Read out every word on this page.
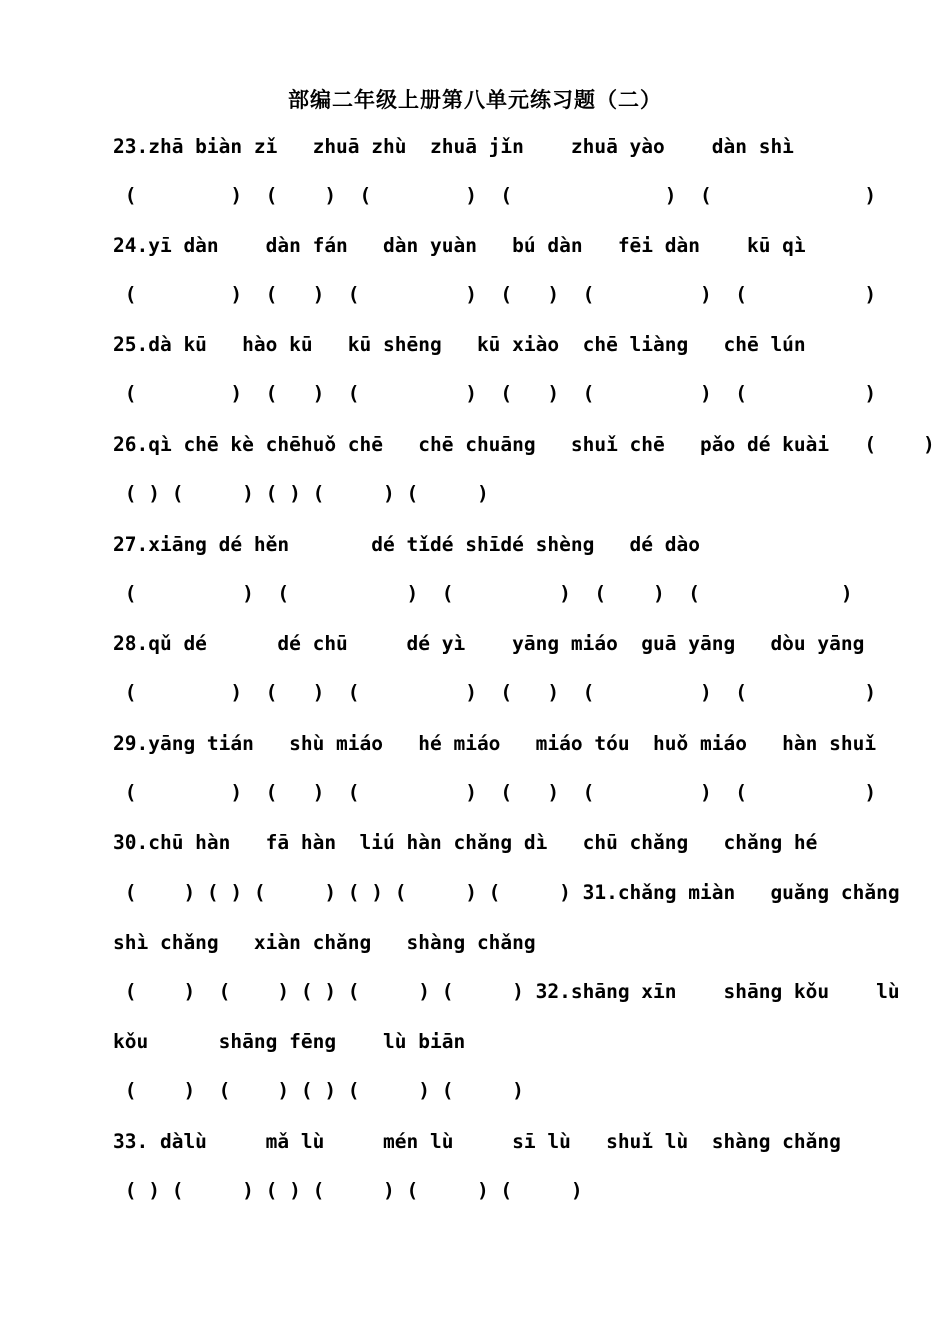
部编二年级上册第八单元练习题（二）
23.zhā biàn zǐ   zhuā zhù  zhuā jǐn    zhuā yào    dàn shì
(        )  (    )  (        )  (             )  (             )
24.yī dàn    dàn fán   dàn yuàn   bú dàn   fēi dàn    kū qì
(        )  (   )  (         )  (   )  (         )  (          )
25.dà kū   hào kū   kū shēng   kū xiào  chē liàng   chē lún
(        )  (   )  (         )  (   )  (         )  (          )
26.qì chē kè chēhuǒ chē   chē chuāng   shuǐ chē   pǎo dé kuài   (    )
( ) (     ) ( ) (     ) (     )
27.xiāng dé hěn       dé tǐdé shīdé shèng   dé dào
(         )  (          )  (         )  (    )  (            )
28.qǔ dé      dé chū     dé yì    yāng miáo  guā yāng   dòu yāng
(        )  (   )  (         )  (   )  (         )  (          )
29.yāng tián   shù miáo   hé miáo   miáo tóu  huǒ miáo   hàn shuǐ
(        )  (   )  (         )  (   )  (         )  (          )
30.chū hàn   fā hàn  liú hàn chǎng dì   chū chǎng   chǎng hé
(    ) ( ) (     ) ( ) (     ) (     ) 31.chǎng miàn   guǎng chǎng
shì chǎng   xiàn chǎng   shàng chǎng
(    )  (    ) ( ) (     ) (     ) 32.shāng xīn    shāng kǒu    lù
kǒu      shāng fēng    lù biān
(    )  (    ) ( ) (     ) (     )
33. dàlù     mǎ lù     mén lù     sī lù   shuǐ lù  shàng chǎng
( ) (     ) ( ) (     ) (     ) (     )
